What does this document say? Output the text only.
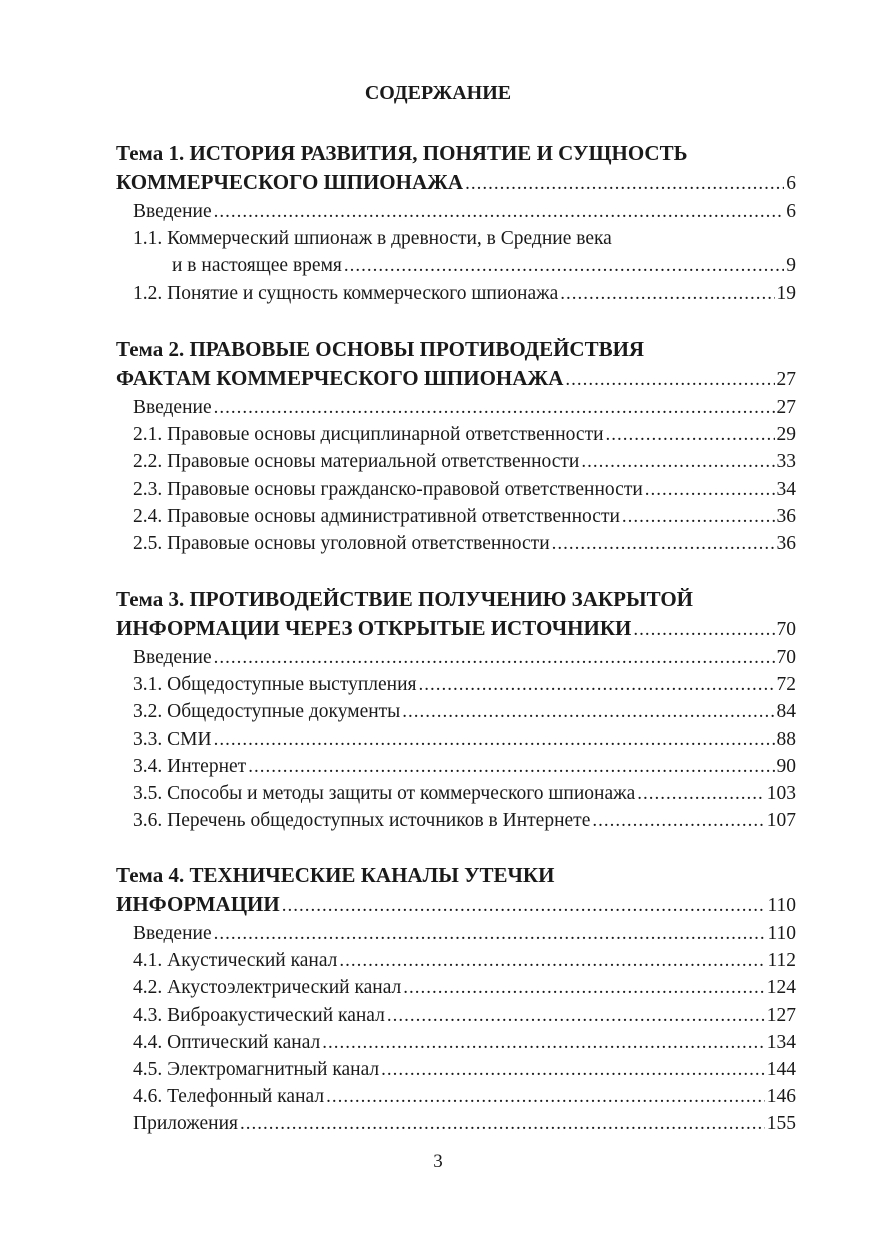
СОДЕРЖАНИЕ
Тема 1. ИСТОРИЯ РАЗВИТИЯ, ПОНЯТИЕ И СУЩНОСТЬ
КОММЕРЧЕСКОГО ШПИОНАЖА .....	6
Введение .....	6
1.1. Коммерческий шпионаж в древности, в Средние века
и в настоящее время .....	9
1.2. Понятие и сущность коммерческого шпионажа .....	19
Тема 2. ПРАВОВЫЕ ОСНОВЫ ПРОТИВОДЕЙСТВИЯ
ФАКТАМ КОММЕРЧЕСКОГО ШПИОНАЖА .....	27
Введение .....	27
2.1. Правовые основы дисциплинарной ответственности .....	29
2.2. Правовые основы материальной ответственности .....	33
2.3. Правовые основы гражданско-правовой ответственности .....	34
2.4. Правовые основы административной ответственности .....	36
2.5. Правовые основы уголовной ответственности .....	36
Тема 3. ПРОТИВОДЕЙСТВИЕ ПОЛУЧЕНИЮ ЗАКРЫТОЙ
ИНФОРМАЦИИ ЧЕРЕЗ ОТКРЫТЫЕ ИСТОЧНИКИ .....	70
Введение .....	70
3.1. Общедоступные выступления .....	72
3.2. Общедоступные документы .....	84
3.3. СМИ .....	88
3.4. Интернет .....	90
3.5. Способы и методы защиты от коммерческого шпионажа .....	103
3.6. Перечень общедоступных источников в Интернете .....	107
Тема 4. ТЕХНИЧЕСКИЕ КАНАЛЫ УТЕЧКИ
ИНФОРМАЦИИ .....	110
Введение .....	110
4.1. Акустический канал .....	112
4.2. Акустоэлектрический канал .....	124
4.3. Виброакустический канал .....	127
4.4. Оптический канал .....	134
4.5. Электромагнитный канал .....	144
4.6. Телефонный канал .....	146
Приложения .....	155
3
